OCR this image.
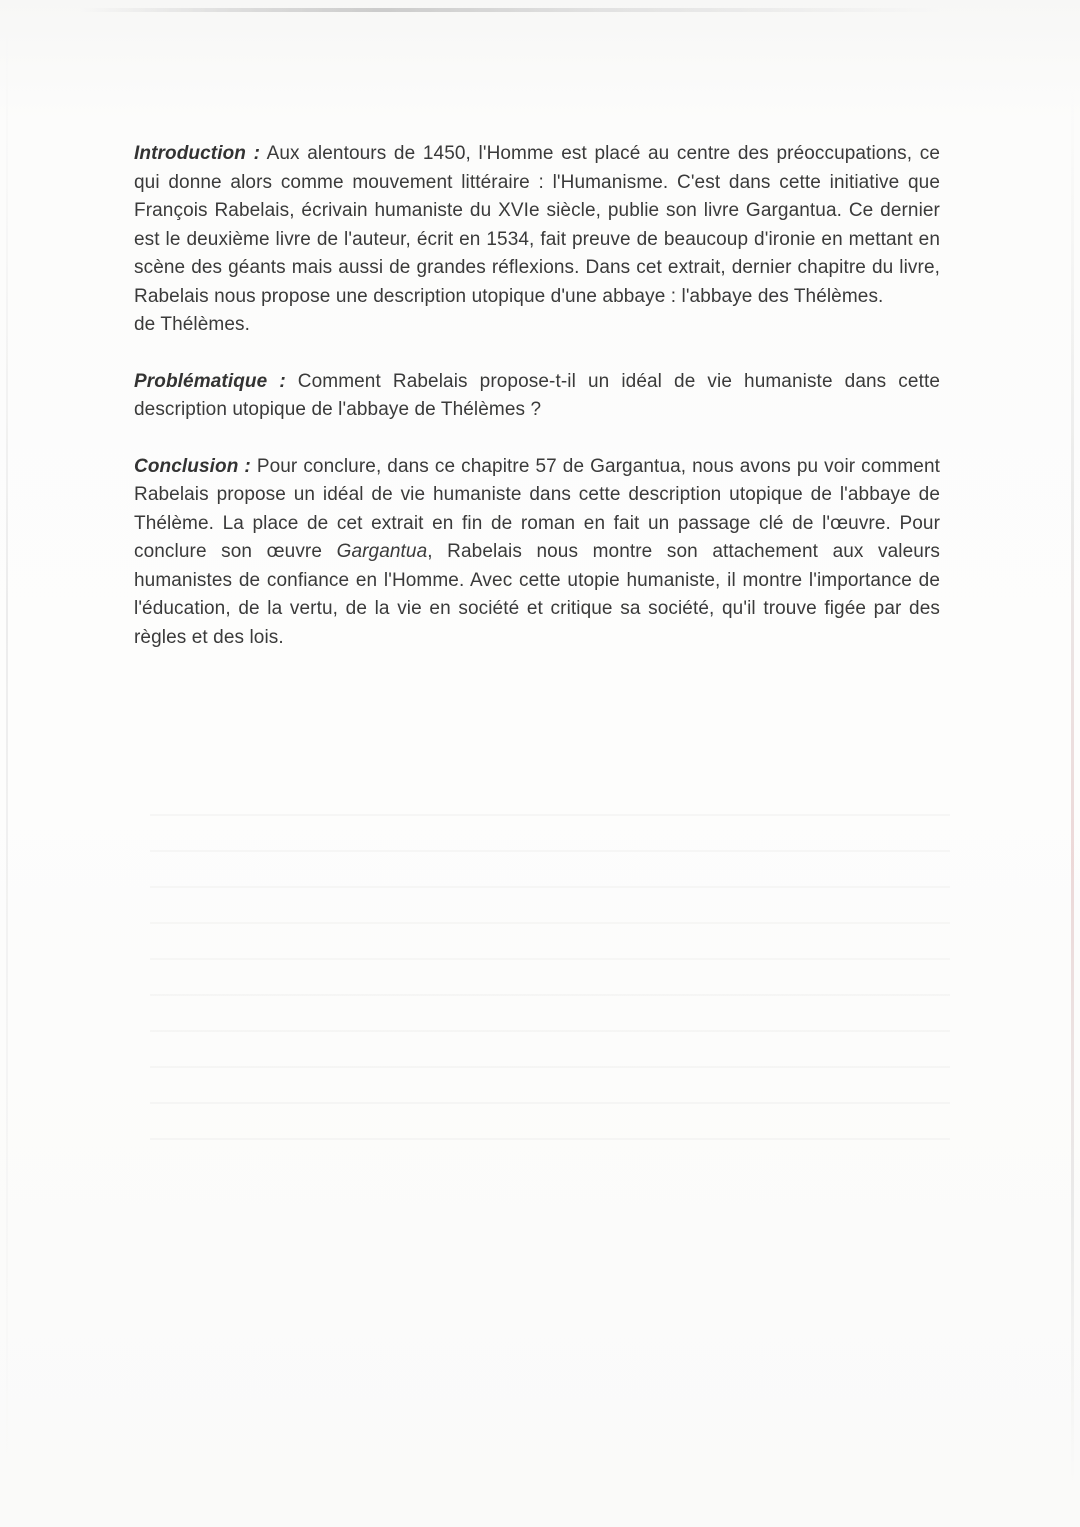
Introduction : Aux alentours de 1450, l'Homme est placé au centre des préoccupations, ce qui donne alors comme mouvement littéraire : l'Humanisme. C'est dans cette initiative que François Rabelais, écrivain humaniste du XVIe siècle, publie son livre Gargantua. Ce dernier est le deuxième livre de l'auteur, écrit en 1534, fait preuve de beaucoup d'ironie en mettant en scène des géants mais aussi de grandes réflexions. Dans cet extrait, dernier chapitre du livre, Rabelais nous propose une description utopique d'une abbaye : l'abbaye des Thélèmes.
de Thélèmes.

Problématique : Comment Rabelais propose-t-il un idéal de vie humaniste dans cette description utopique de l'abbaye de Thélèmes ?

Conclusion : Pour conclure, dans ce chapitre 57 de Gargantua, nous avons pu voir comment Rabelais propose un idéal de vie humaniste dans cette description utopique de l'abbaye de Thélème. La place de cet extrait en fin de roman en fait un passage clé de l'œuvre. Pour conclure son œuvre Gargantua, Rabelais nous montre son attachement aux valeurs humanistes de confiance en l'Homme. Avec cette utopie humaniste, il montre l'importance de l'éducation, de la vertu, de la vie en société et critique sa société, qu'il trouve figée par des règles et des lois.
